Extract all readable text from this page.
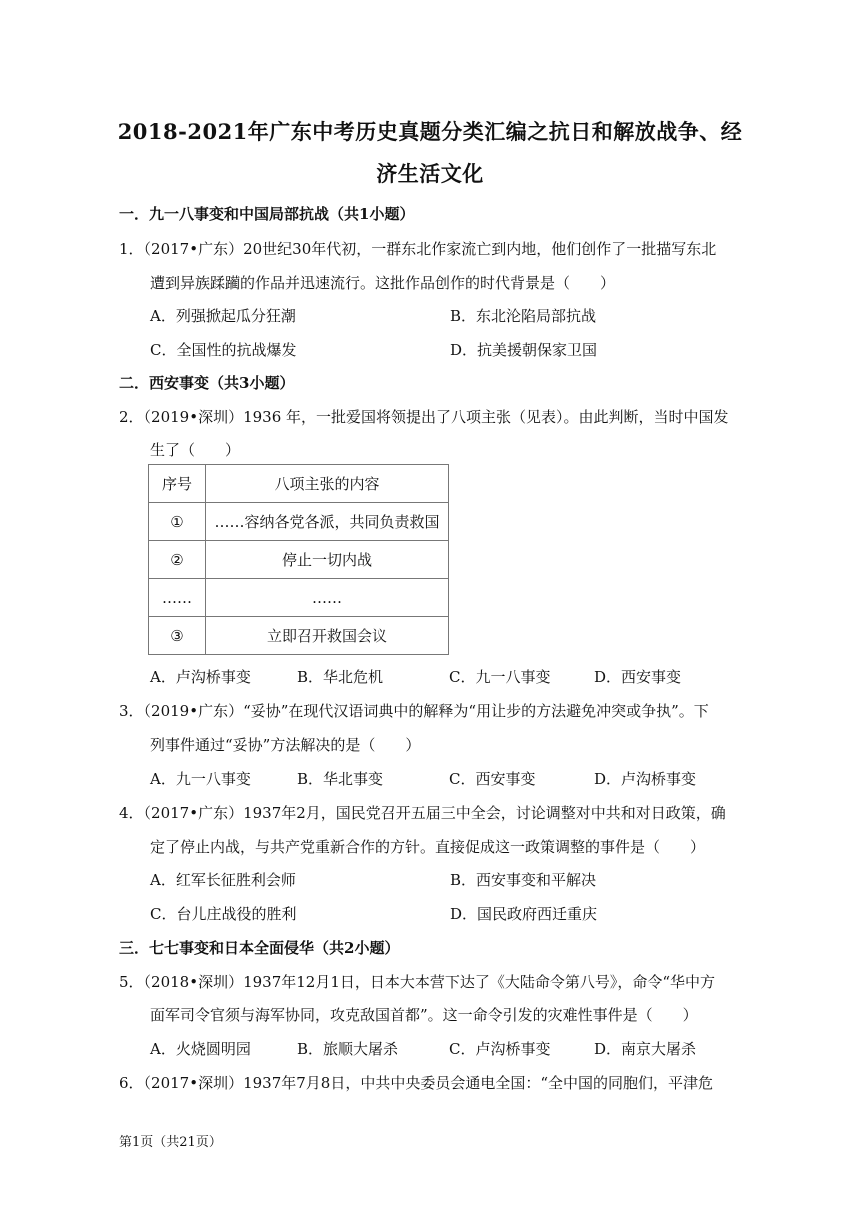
2018-2021年广东中考历史真题分类汇编之抗日和解放战争、经
济生活文化
一．九一八事变和中国局部抗战（共1小题）
1．（2017•广东）20世纪30年代初，一群东北作家流亡到内地，他们创作了一批描写东北
遭到异族蹂躏的作品并迅速流行。这批作品创作的时代背景是（　　）
A．列强掀起瓜分狂潮	B．东北沦陷局部抗战
C．全国性的抗战爆发	D．抗美援朝保家卫国
二．西安事变（共3小题）
2．（2019•深圳）1936 年，一批爱国将领提出了八项主张（见表）。由此判断，当时中国发
生了（　　）
序号	八项主张的内容
①	……容纳各党各派，共同负责救国
②	停止一切内战
……	……
③	立即召开救国会议
A．卢沟桥事变	B．华北危机	C．九一八事变	D．西安事变
3．（2019•广东）“妥协”在现代汉语词典中的解释为“用让步的方法避免冲突或争执”。下
列事件通过“妥协”方法解决的是（　　）
A．九一八事变	B．华北事变	C．西安事变	D．卢沟桥事变
4．（2017•广东）1937年2月，国民党召开五届三中全会，讨论调整对中共和对日政策，确
定了停止内战，与共产党重新合作的方针。直接促成这一政策调整的事件是（　　）
A．红军长征胜利会师	B．西安事变和平解决
C．台儿庄战役的胜利	D．国民政府西迁重庆
三．七七事变和日本全面侵华（共2小题）
5．（2018•深圳）1937年12月1日，日本大本营下达了《大陆命令第八号》，命令“华中方
面军司令官须与海军协同，攻克敌国首都”。这一命令引发的灾难性事件是（　　）
A．火烧圆明园	B．旅顺大屠杀	C．卢沟桥事变	D．南京大屠杀
6．（2017•深圳）1937年7月8日，中共中央委员会通电全国：“全中国的同胞们，平津危
第1页（共21页）
